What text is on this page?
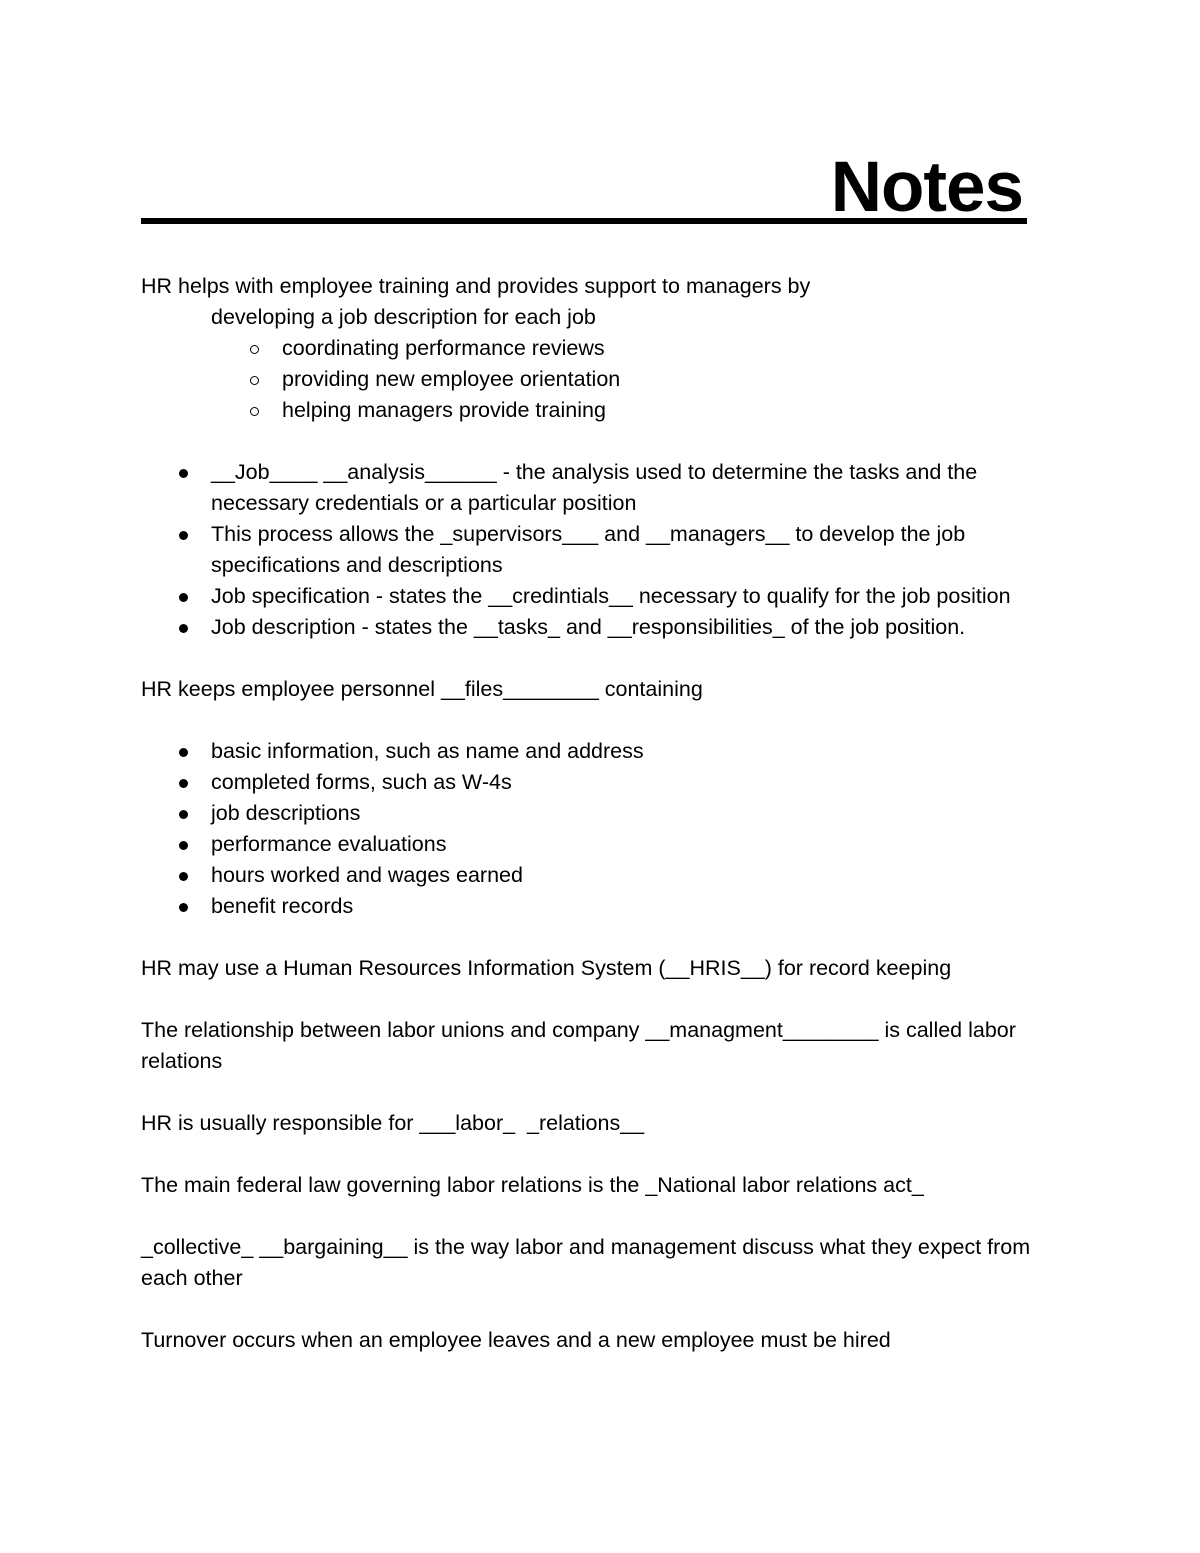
Notes

HR helps with employee training and provides support to managers by

developing a job description for each job

coordinating performance reviews
providing new employee orientation
helping managers provide training
__Job____ __analysis______ - the analysis used to determine the tasks and the necessary credentials or a particular position
This process allows the _supervisors___ and __managers__ to develop the job specifications and descriptions
Job specification - states the __credintials__ necessary to qualify for the job position
Job description - states the __tasks_ and __responsibilities_ of the job position.

HR keeps employee personnel __files________ containing

basic information, such as name and address
completed forms, such as W-4s
job descriptions
performance evaluations
hours worked and wages earned
benefit records

HR may use a Human Resources Information System (__HRIS__) for record keeping

The relationship between labor unions and company __managment________ is called labor relations

HR is usually responsible for ___labor_  _relations__

The main federal law governing labor relations is the _National labor relations act_

_collective_ __bargaining__ is the way labor and management discuss what they expect from each other

Turnover occurs when an employee leaves and a new employee must be hired
